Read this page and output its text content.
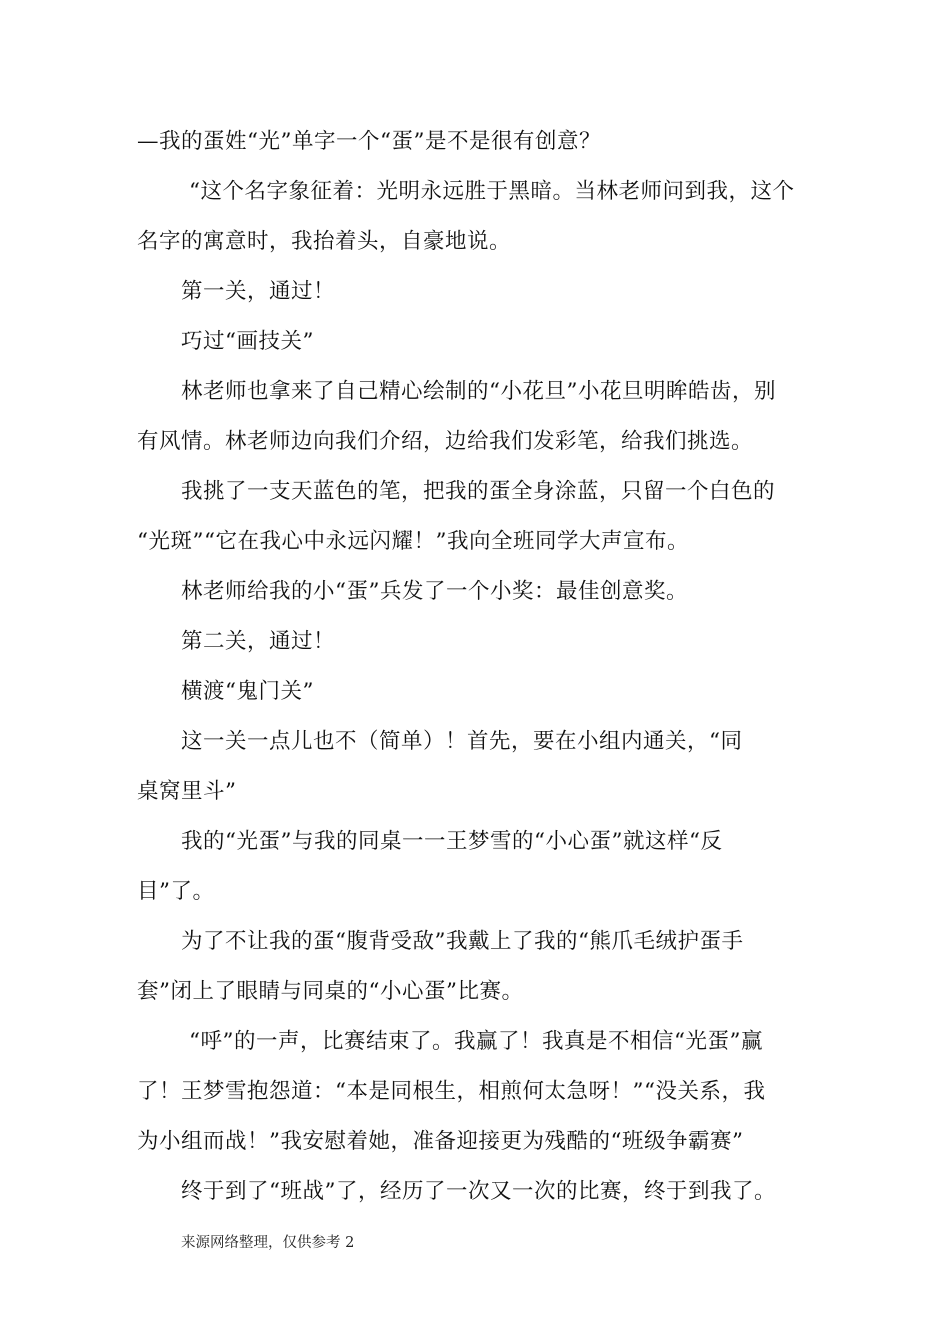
—我的蛋姓“光”单字一个“蛋”是不是很有创意？
“这个名字象征着：光明永远胜于黑暗。当林老师问到我，这个
名字的寓意时，我抬着头，自豪地说。
第一关，通过！
巧过“画技关”
林老师也拿来了自己精心绘制的“小花旦”小花旦明眸皓齿，别
有风情。林老师边向我们介绍，边给我们发彩笔，给我们挑选。
我挑了一支天蓝色的笔，把我的蛋全身涂蓝，只留一个白色的
“光斑”“它在我心中永远闪耀！”我向全班同学大声宣布。
林老师给我的小“蛋”兵发了一个小奖：最佳创意奖。
第二关，通过！
横渡“鬼门关”
这一关一点儿也不（简单）！首先，要在小组内通关，“同
桌窝里斗”
我的“光蛋”与我的同桌一一王梦雪的“小心蛋”就这样“反
目”了。
为了不让我的蛋“腹背受敌”我戴上了我的“熊爪毛绒护蛋手
套”闭上了眼睛与同桌的“小心蛋”比赛。
“呼”的一声，比赛结束了。我赢了！我真是不相信“光蛋”赢
了！王梦雪抱怨道：“本是同根生，相煎何太急呀！”“没关系，我
为小组而战！”我安慰着她，准备迎接更为残酷的“班级争霸赛”
终于到了“班战”了，经历了一次又一次的比赛，终于到我了。
来源网络整理，仅供参考 2
